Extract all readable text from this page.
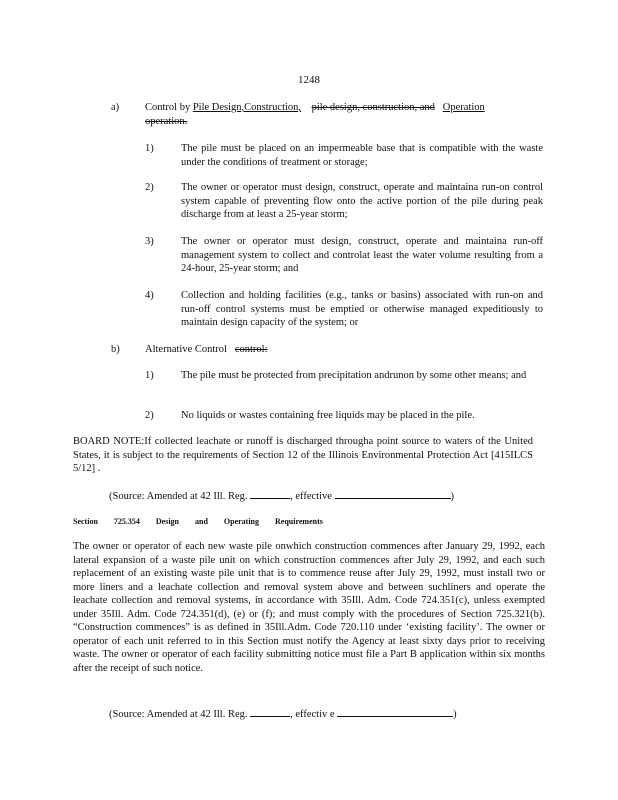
1248
a) Control by Pile Design,Construction, pile design, construction, and Operation
operation.
1)	The pile must be placed on an impermeable base that is compatible with the waste under the conditions of treatment or storage;
2)	The owner or operator must design, construct, operate and maintaina run-on control system capable of preventing flow onto the active portion of the pile during peak discharge from at least a 25-year storm;
3)	The owner or operator must design, construct, operate and maintaina run-off management system to collect and controlat least the water volume resulting from a 24-hour, 25-year storm; and
4)	Collection and holding facilities (e.g., tanks or basins) associated with run-on and run-off control systems must be emptied or otherwise managed expeditiously to maintain design capacity of the system; or
b) Alternative Control   control:
1)	The pile must be protected from precipitation andrunon by some other means; and
2)	No liquids or wastes containing free liquids may be placed in the pile.
BOARD NOTE:If collected leachate or runoff is discharged througha point source to waters of the United States, it is subject to the requirements of Section 12 of the Illinois Environmental Protection Act [415ILCS 5/12] .
(Source: Amended at 42 Ill. Reg.	, effective	)
Section 725.354 Design and Operating Requirements
The owner or operator of each new waste pile onwhich construction commences after January 29, 1992, each lateral expansion of a waste pile unit on which construction commences after July 29, 1992, and each such replacement of an existing waste pile unit that is to commence reuse after July 29, 1992, must install two or more liners and a leachate collection and removal system above and between suchliners and operate the leachate collection and removal systems, in accordance with 35Ill. Adm. Code 724.351(c), unless exempted under 35Ill. Adm. Code 724.351(d), (e) or (f); and must comply with the procedures of Section 725.321(b). “Construction commences” is as defined in 35Ill.Adm. Code 720.110 under ‘existing facility’. The owner or operator of each unit referred to in this Section must notify the Agency at least sixty days prior to receiving waste. The owner or operator of each facility submitting notice must file a Part B application within six months after the receipt of such notice.
(Source: Amended at 42 Ill. Reg.	, effectiv e	)
